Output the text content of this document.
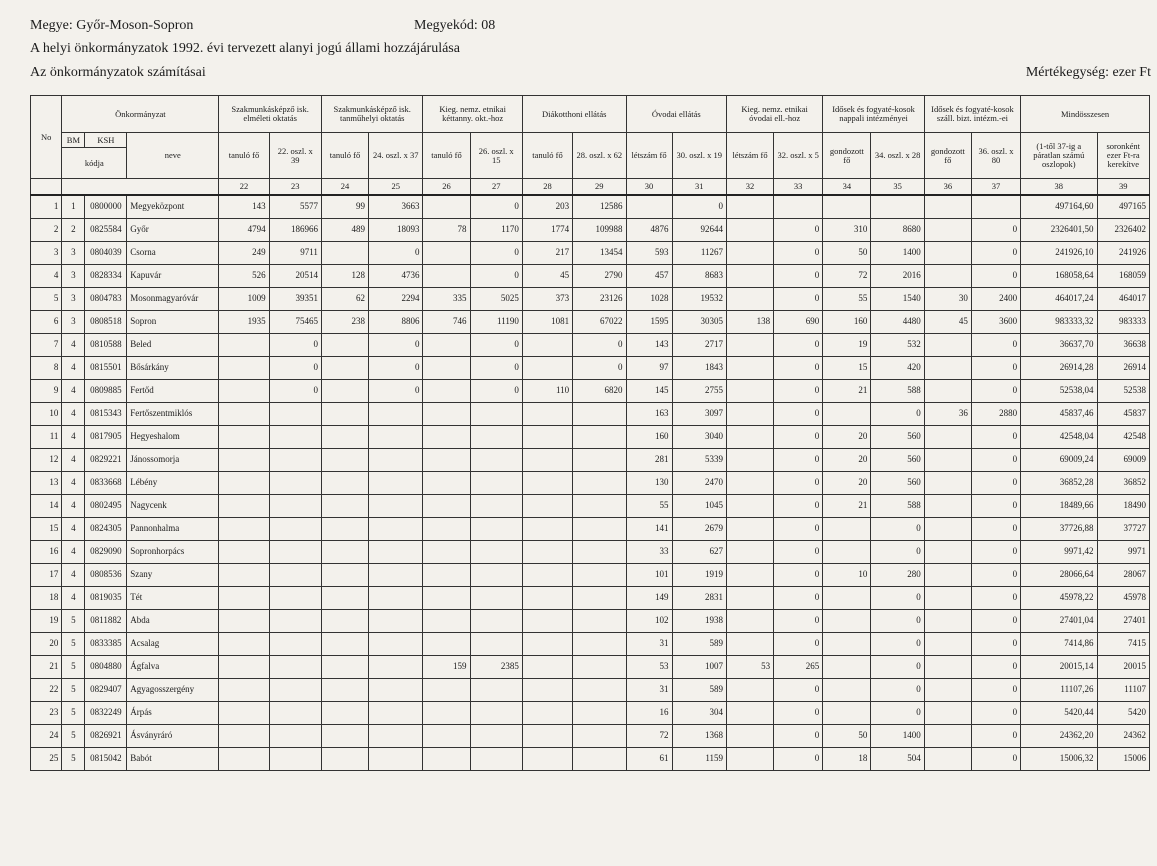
Megye: Győr-Moson-Sopron	Megyekód: 08
A helyi önkormányzatok 1992. évi tervezett alanyi jogú állami hozzájárulása
Az önkormányzatok számításai	Mértékegység: ezer Ft
No	Önkormányzat			Szakmunkásképző isk. elméleti oktatás		Szakmunkásképző isk. tanműhelyi oktatás		Kieg. nemz. etnikai kéttanny. okt.-hoz		Diákotthoni ellátás		Óvodai ellátás		Kieg. nemz. etnikai óvodai ell.-hoz		Idősek és fogyaté-kosok nappali intézményei		Idősek és fogyaté-kosok száll. bizt. intézm.-ei		Mindösszesen	
	BM	KSH	neve	tanuló fő	22. oszl. x 39	tanuló fő	24. oszl. x 37	tanuló fő	26. oszl. x 15	tanuló fő	28. oszl. x 62	létszám fő	30. oszl. x 19	létszám fő	32. oszl. x 5	gondozott fő	34. oszl. x 28	gondozott fő	36. oszl. x 80	(1-től 37-ig a páratlan számú oszlopok)	soronként ezer Ft-ra kerekítve
	kódja																				
				22	23	24	25	26	27	28	29	30	31	32	33	34	35	36	37	38	39
1	1	0800000	Megyeközpont	143	5577	99	3663		0	203	12586		0							497164,60	497165
2	2	0825584	Győr	4794	186966	489	18093	78	1170	1774	109988	4876	92644		0	310	8680		0	2326401,50	2326402
3	3	0804039	Csorna	249	9711		0		0	217	13454	593	11267		0	50	1400		0	241926,10	241926
4	3	0828334	Kapuvár	526	20514	128	4736		0	45	2790	457	8683		0	72	2016		0	168058,64	168059
5	3	0804783	Mosonmagyaróvár	1009	39351	62	2294	335	5025	373	23126	1028	19532		0	55	1540	30	2400	464017,24	464017
6	3	0808518	Sopron	1935	75465	238	8806	746	11190	1081	67022	1595	30305	138	690	160	4480	45	3600	983333,32	983333
7	4	0810588	Beled		0		0		0		0	143	2717		0	19	532		0	36637,70	36638
8	4	0815501	Bősárkány		0		0		0		0	97	1843		0	15	420		0	26914,28	26914
9	4	0809885	Fertőd		0		0		0	110	6820	145	2755		0	21	588		0	52538,04	52538
10	4	0815343	Fertőszentmiklós									163	3097		0		0	36	2880	45837,46	45837
11	4	0817905	Hegyeshalom									160	3040		0	20	560		0	42548,04	42548
12	4	0829221	Jánossomorja									281	5339		0	20	560		0	69009,24	69009
13	4	0833668	Lébény									130	2470		0	20	560		0	36852,28	36852
14	4	0802495	Nagycenk									55	1045		0	21	588		0	18489,66	18490
15	4	0824305	Pannonhalma									141	2679		0		0		0	37726,88	37727
16	4	0829090	Sopronhorpács									33	627		0		0		0	9971,42	9971
17	4	0808536	Szany									101	1919		0	10	280		0	28066,64	28067
18	4	0819035	Tét									149	2831		0		0		0	45978,22	45978
19	5	0811882	Abda									102	1938		0		0		0	27401,04	27401
20	5	0833385	Acsalag									31	589		0		0		0	7414,86	7415
21	5	0804880	Ágfalva					159	2385			53	1007	53	265		0		0	20015,14	20015
22	5	0829407	Agyagosszergény									31	589		0		0		0	11107,26	11107
23	5	0832249	Árpás									16	304		0		0		0	5420,44	5420
24	5	0826921	Ásványráró									72	1368		0	50	1400		0	24362,20	24362
25	5	0815042	Babót									61	1159		0	18	504		0	15006,32	15006
